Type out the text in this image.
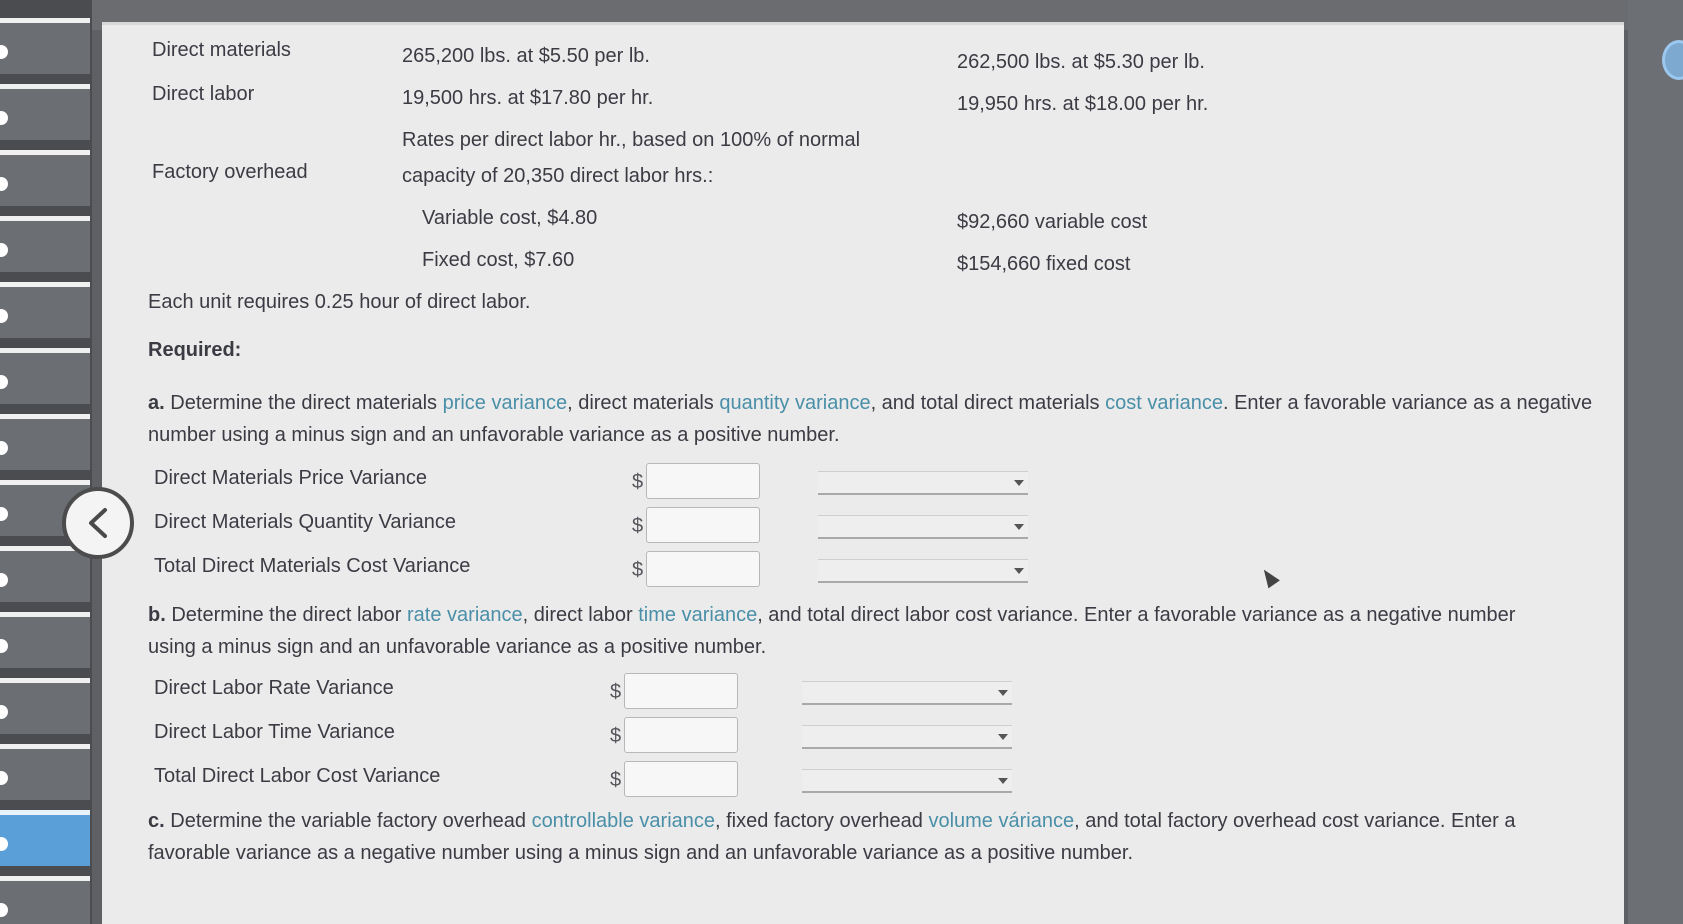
Direct materials	265,200 lbs. at $5.50 per lb.	262,500 lbs. at $5.30 per lb.
Direct labor	19,500 hrs. at $17.80 per hr.	19,950 hrs. at $18.00 per hr.
Factory overhead
Rates per direct labor hr., based on 100% of normal
capacity of 20,350 direct labor hrs.:
Variable cost, $4.80	$92,660 variable cost
Fixed cost, $7.60	$154,660 fixed cost
Each unit requires 0.25 hour of direct labor.
Required:
a. Determine the direct materials price variance, direct materials quantity variance, and total direct materials cost variance. Enter a favorable variance as a negative number using a minus sign and an unfavorable variance as a positive number.
Direct Materials Price Variance	$
Direct Materials Quantity Variance	$
Total Direct Materials Cost Variance	$
b. Determine the direct labor rate variance, direct labor time variance, and total direct labor cost variance. Enter a favorable variance as a negative number using a minus sign and an unfavorable variance as a positive number.
Direct Labor Rate Variance	$
Direct Labor Time Variance	$
Total Direct Labor Cost Variance	$
c. Determine the variable factory overhead controllable variance, fixed factory overhead volume váriance, and total factory overhead cost variance. Enter a favorable variance as a negative number using a minus sign and an unfavorable variance as a positive number.
